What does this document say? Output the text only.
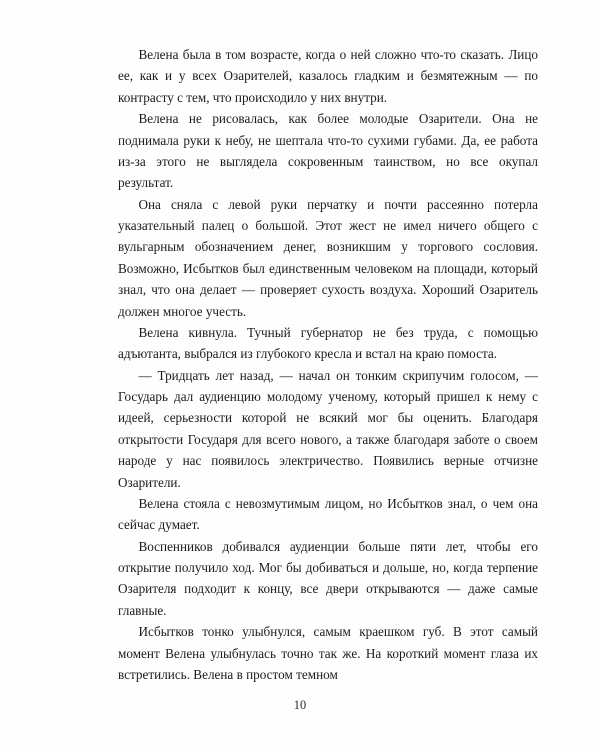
Велена была в том возрасте, когда о ней сложно что-то сказать. Лицо ее, как и у всех Озарителей, казалось гладким и безмятежным — по контрасту с тем, что происходило у них внутри.

Велена не рисовалась, как более молодые Озарители. Она не поднимала руки к небу, не шептала что-то сухими губами. Да, ее работа из-за этого не выглядела сокровенным таинством, но все окупал результат.

Она сняла с левой руки перчатку и почти рассеянно потерла указательный палец о большой. Этот жест не имел ничего общего с вульгарным обозначением денег, возникшим у торгового сословия. Возможно, Исбытков был единственным человеком на площади, который знал, что она делает — проверяет сухость воздуха. Хороший Озаритель должен многое учесть.

Велена кивнула. Тучный губернатор не без труда, с помощью адъютанта, выбрался из глубокого кресла и встал на краю помоста.

— Тридцать лет назад, — начал он тонким скрипучим голосом, — Государь дал аудиенцию молодому ученому, который пришел к нему с идеей, серьезности которой не всякий мог бы оценить. Благодаря открытости Государя для всего нового, а также благодаря заботе о своем народе у нас появилось электричество. Появились верные отчизне Озарители.

Велена стояла с невозмутимым лицом, но Исбытков знал, о чем она сейчас думает.

Воспенников добивался аудиенции больше пяти лет, чтобы его открытие получило ход. Мог бы добиваться и дольше, но, когда терпение Озарителя подходит к концу, все двери открываются — даже самые главные.

Исбытков тонко улыбнулся, самым краешком губ. В этот самый момент Велена улыбнулась точно так же. На короткий момент глаза их встретились. Велена в простом темном

10
